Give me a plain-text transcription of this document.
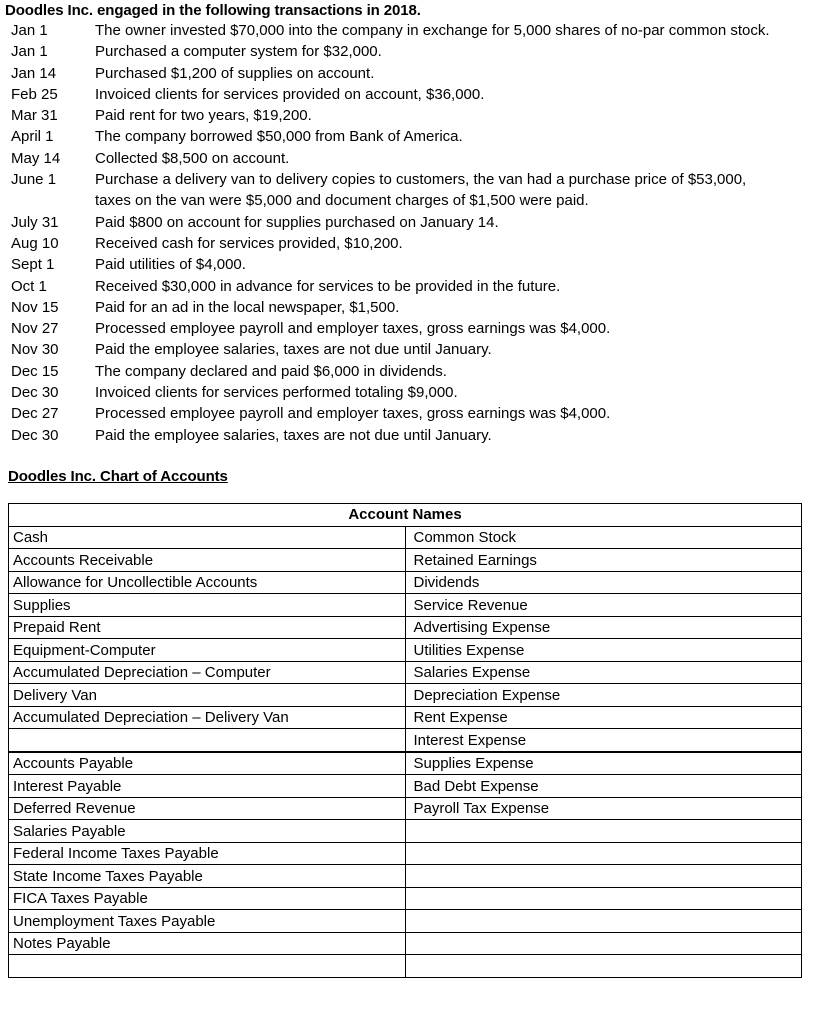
Doodles Inc. engaged in the following transactions in 2018.
Jan 1	The owner invested $70,000 into the company in exchange for 5,000 shares of no-par common stock.
Jan 1	Purchased a computer system for $32,000.
Jan 14	Purchased $1,200 of supplies on account.
Feb 25	Invoiced clients for services provided on account, $36,000.
Mar 31	Paid rent for two years, $19,200.
April 1	The company borrowed $50,000 from Bank of America.
May 14	Collected $8,500 on account.
June 1	Purchase a delivery van to delivery copies to customers, the van had a purchase price of $53,000, taxes on the van were $5,000 and document charges of $1,500 were paid.
July 31	Paid $800 on account for supplies purchased on January 14.
Aug 10	Received cash for services provided, $10,200.
Sept 1	Paid utilities of $4,000.
Oct 1	Received $30,000 in advance for services to be provided in the future.
Nov 15	Paid for an ad in the local newspaper, $1,500.
Nov 27	Processed employee payroll and employer taxes, gross earnings was $4,000.
Nov 30	Paid the employee salaries, taxes are not due until January.
Dec 15	The company declared and paid $6,000 in dividends.
Dec 30	Invoiced clients for services performed totaling $9,000.
Dec 27	Processed employee payroll and employer taxes, gross earnings was $4,000.
Dec 30	Paid the employee salaries, taxes are not due until January.
Doodles Inc. Chart of Accounts
Account Names	
Cash	Common Stock
Accounts Receivable	Retained Earnings
Allowance for Uncollectible Accounts	Dividends
Supplies	Service Revenue
Prepaid Rent	Advertising Expense
Equipment-Computer	Utilities Expense
Accumulated Depreciation – Computer	Salaries Expense
Delivery Van	Depreciation Expense
Accumulated Depreciation – Delivery Van	Rent Expense
	Interest Expense
Accounts Payable	Supplies Expense
Interest Payable	Bad Debt Expense
Deferred Revenue	Payroll Tax Expense
Salaries Payable	
Federal Income Taxes Payable	
State Income Taxes Payable	
FICA Taxes Payable	
Unemployment Taxes Payable	
Notes Payable	
